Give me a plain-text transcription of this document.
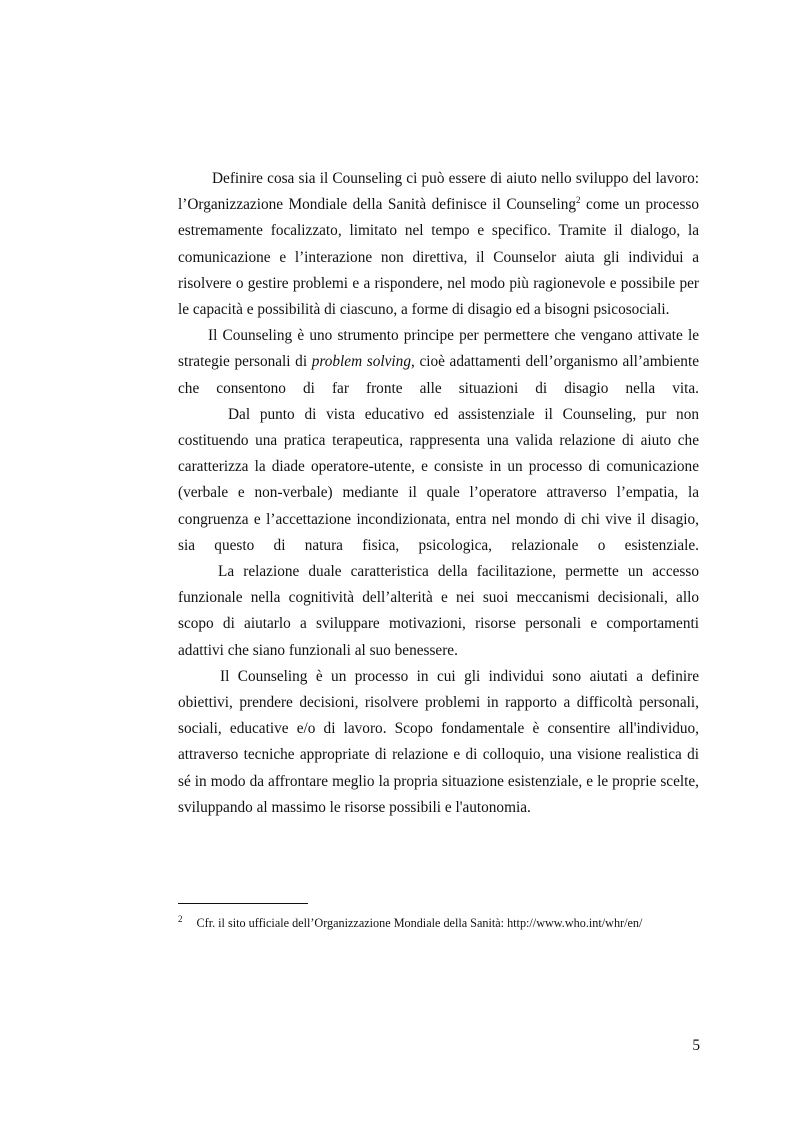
Definire cosa sia il Counseling ci può essere di aiuto nello sviluppo del lavoro: l’Organizzazione Mondiale della Sanità definisce il Counseling$^2$ come un processo estremamente focalizzato, limitato nel tempo e specifico. Tramite il dialogo, la comunicazione e l’interazione non direttiva, il Counselor aiuta gli individui a risolvere o gestire problemi e a rispondere, nel modo più ragionevole e possibile per le capacità e possibilità di ciascuno, a forme di disagio ed a bisogni psicosociali.

Il Counseling è uno strumento principe per permettere che vengano attivate le strategie personali di problem solving, cioè adattamenti dell’organismo all’ambiente che consentono di far fronte alle situazioni di disagio nella vita.

Dal punto di vista educativo ed assistenziale il Counseling, pur non costituendo una pratica terapeutica, rappresenta una valida relazione di aiuto che caratterizza la diade operatore-utente, e consiste in un processo di comunicazione (verbale e non-verbale) mediante il quale l’operatore attraverso l’empatia, la congruenza e l’accettazione incondizionata, entra nel mondo di chi vive il disagio, sia questo di natura fisica, psicologica, relazionale o esistenziale.

La relazione duale caratteristica della facilitazione, permette un accesso funzionale nella cognitività dell’alterità e nei suoi meccanismi decisionali, allo scopo di aiutarlo a sviluppare motivazioni, risorse personali e comportamenti adattivi che siano funzionali al suo benessere.

Il Counseling è un processo in cui gli individui sono aiutati a definire obiettivi, prendere decisioni, risolvere problemi in rapporto a difficoltà personali, sociali, educative e/o di lavoro. Scopo fondamentale è consentire all'individuo, attraverso tecniche appropriate di relazione e di colloquio, una visione realistica di sé in modo da affrontare meglio la propria situazione esistenziale, e le proprie scelte, sviluppando al massimo le risorse possibili e l'autonomia.

$^2$ Cfr. il sito ufficiale dell’Organizzazione Mondiale della Sanità: http://www.who.int/whr/en/
5
